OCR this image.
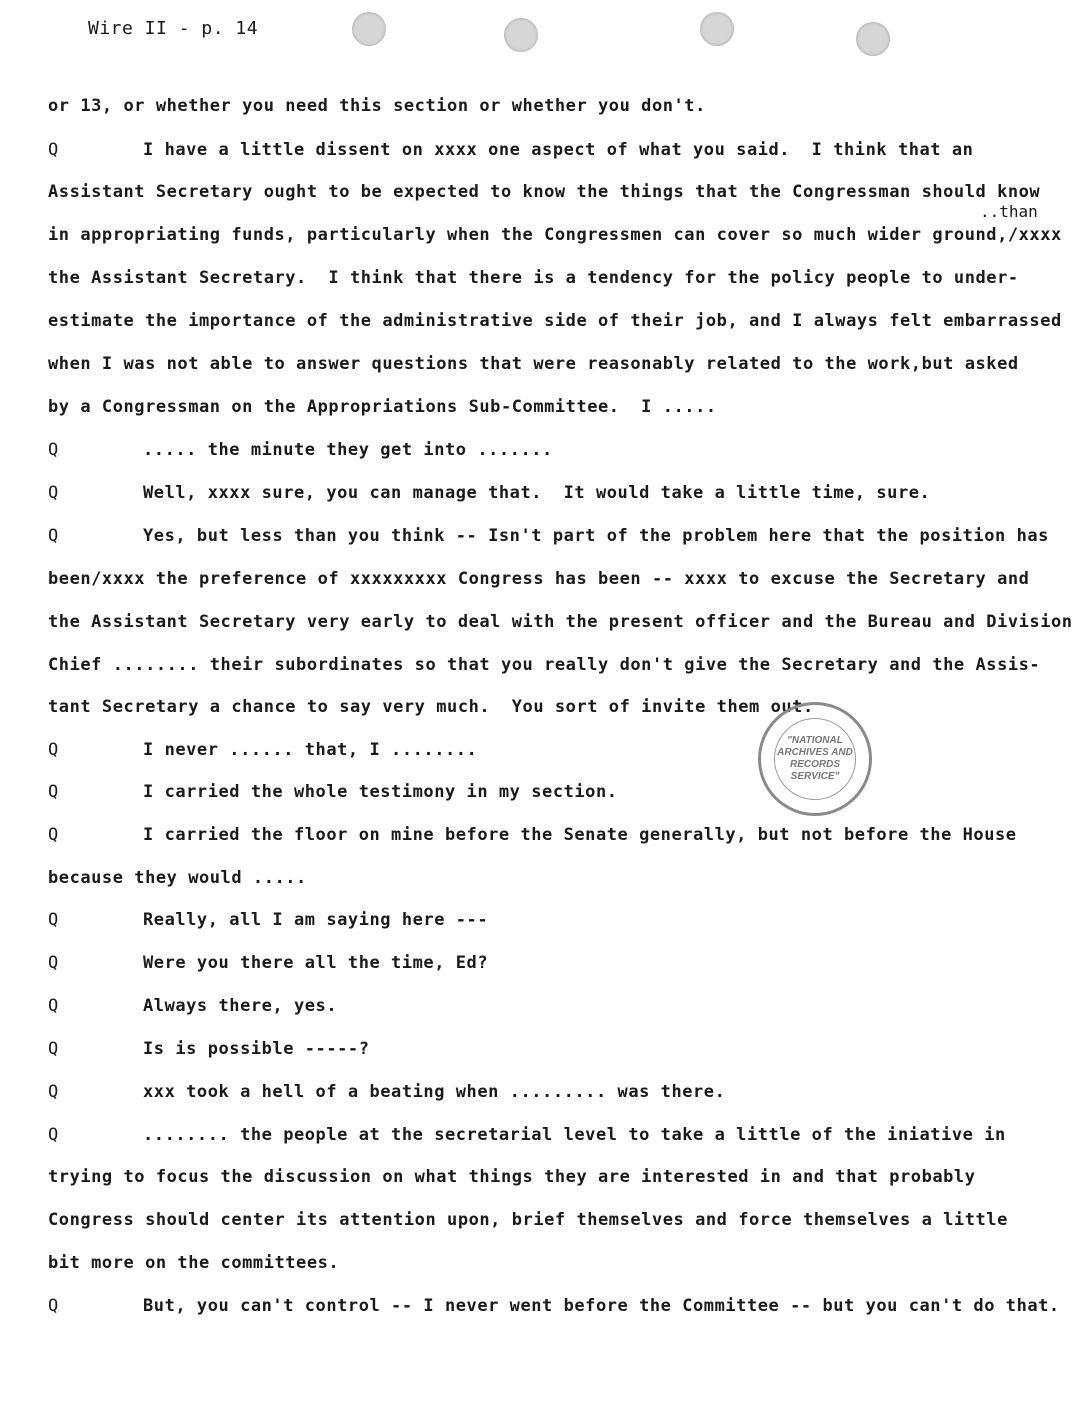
Wire II - p. 14
..than
or 13, or whether you need this section or whether you don't.
Q	I have a little dissent on xxxx one aspect of what you said.  I think that an
Assistant Secretary ought to be expected to know the things that the Congressman should know
in appropriating funds, particularly when the Congressmen can cover so much wider ground,/xxxx
the Assistant Secretary.  I think that there is a tendency for the policy people to under-
estimate the importance of the administrative side of their job, and I always felt embarrassed
when I was not able to answer questions that were reasonably related to the work,but asked
by a Congressman on the Appropriations Sub-Committee.  I .....
Q	..... the minute they get into .......
Q	Well, xxxx sure, you can manage that.  It would take a little time, sure.
Q	Yes, but less than you think -- Isn't part of the problem here that the position has
been/xxxx the preference of xxxxxxxxx Congress has been -- xxxx to excuse the Secretary and
the Assistant Secretary very early to deal with the present officer and the Bureau and Division
Chief ........ their subordinates so that you really don't give the Secretary and the Assis-
tant Secretary a chance to say very much.  You sort of invite them out.
Q	I never ...... that, I ........
Q	I carried the whole testimony in my section.
Q	I carried the floor on mine before the Senate generally, but not before the House
because they would .....
Q	Really, all I am saying here ---
Q	Were you there all the time, Ed?
Q	Always there, yes.
Q	Is is possible -----?
Q	xxx took a hell of a beating when ......... was there.
Q	........ the people at the secretarial level to take a little of the iniative in
trying to focus the discussion on what things they are interested in and that probably
Congress should center its attention upon, brief themselves and force themselves a little
bit more on the committees.
Q	But, you can't control -- I never went before the Committee -- but you can't do that.
"NATIONAL ARCHIVES AND RECORDS SERVICE"
